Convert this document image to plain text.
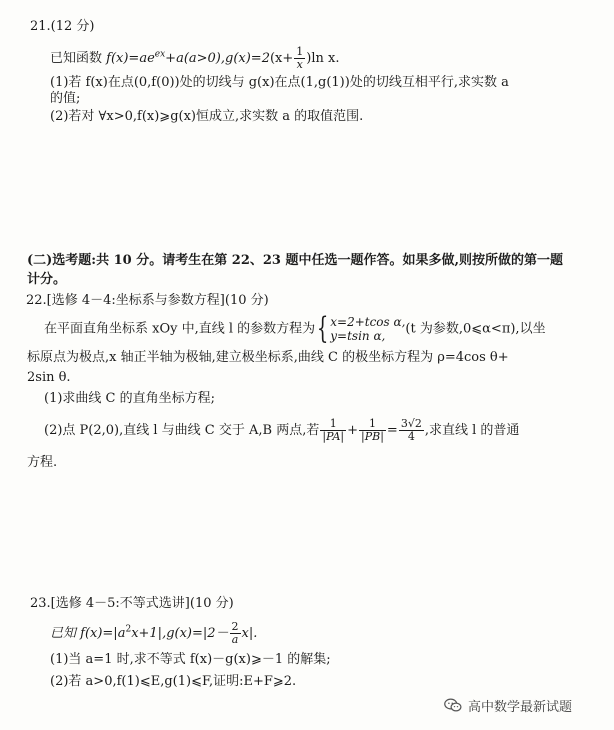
21.(12 分)
已知函数 $f(x)=ae^{ex}+a(a>0),g(x)=2(x+ \frac{1}{x} )\ln$ x.
(1)若 f(x)在点(0,f(0))处的切线与 g(x)在点(1,g(1))处的切线互相平行,求实数 a
的值;
(2)若对 ∀x>0,f(x)⩾g(x)恒成立,求实数 a 的取值范围.
(二)选考题:共 10 分。请考生在第 22、23 题中任选一题作答。如果多做,则按所做的第一题
计分。
22.[选修 4－4:坐标系与参数方程](10 分)
在平面直角坐标系 xOy 中,直线 l 的参数方程为{ x=2+tcos α,
y=tsin α,	(t 为参数,0⩽α<π),以坐
标原点为极点,x 轴正半轴为极轴,建立极坐标系,曲线 C 的极坐标方程为 ρ=4cos θ+
2sin θ.
(1)求曲线 C 的直角坐标方程;
(2)点 P(2,0),直线 l 与曲线 C 交于 A,B 两点,若 $\frac{1}{|PA|} + \frac{1}{|PB|} = \frac{3√2}{4}$ ,求直线 l 的普通
方程.
23.[选修 4－5:不等式选讲](10 分)
已知 $f(x)=|a^2x+1|,g(x)=|2- \frac{2}{a} x|$.
(1)当 a=1 时,求不等式 f(x)－g(x)⩾－1 的解集;
(2)若 a>0,f(1)⩽E,g(1)⩽F,证明:E+F⩾2.
高中数学最新试题
